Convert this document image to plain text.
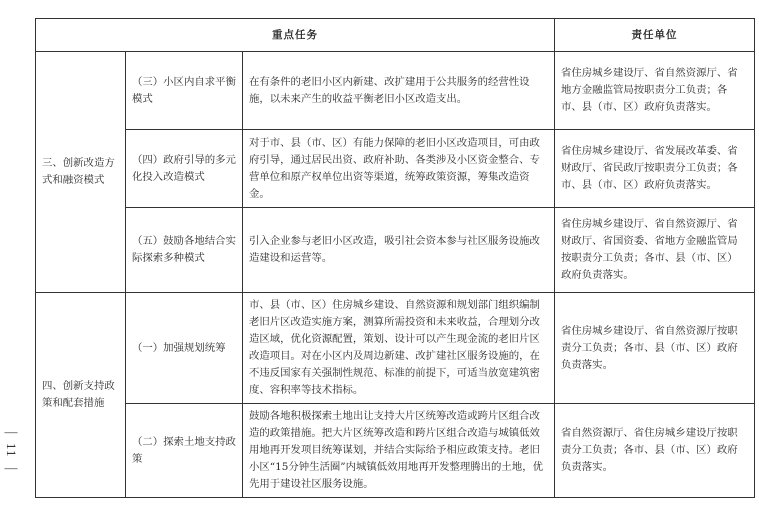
—
11
—
重点任务			责任单位
三、创新改造方式和融资模式	（三）小区内自求平衡模式	在有条件的老旧小区内新建、改扩建用于公共服务的经营性设施，以未来产生的收益平衡老旧小区改造支出。	省住房城乡建设厅、省自然资源厅、省地方金融监管局按职责分工负责；各市、县（市、区）政府负责落实。
	（四）政府引导的多元化投入改造模式	对于市、县（市、区）有能力保障的老旧小区改造项目，可由政府引导，通过居民出资、政府补助、各类涉及小区资金整合、专营单位和原产权单位出资等渠道，统筹政策资源，筹集改造资金。	省住房城乡建设厅、省发展改革委、省财政厅、省民政厅按职责分工负责；各市、县（市、区）政府负责落实。
	（五）鼓励各地结合实际探索多种模式	引入企业参与老旧小区改造，吸引社会资本参与社区服务设施改造建设和运营等。	省住房城乡建设厅、省自然资源厅、省财政厅、省国资委、省地方金融监管局按职责分工负责；各市、县（市、区）政府负责落实。
四、创新支持政策和配套措施	（一）加强规划统筹	市、县（市、区）住房城乡建设、自然资源和规划部门组织编制老旧片区改造实施方案，测算所需投资和未来收益，合理划分改造区域，优化资源配置，策划、设计可以产生现金流的老旧片区改造项目。对在小区内及周边新建、改扩建社区服务设施的，在不违反国家有关强制性规范、标准的前提下，可适当放宽建筑密度、容积率等技术指标。	省住房城乡建设厅、省自然资源厅按职责分工负责；各市、县（市、区）政府负责落实。
	（二）探索土地支持政策	鼓励各地积极探索土地出让支持大片区统筹改造或跨片区组合改造的政策措施。把大片区统筹改造和跨片区组合改造与城镇低效用地再开发项目统筹谋划，并结合实际给予相应政策支持。老旧小区“15分钟生活圈”内城镇低效用地再开发整理腾出的土地，优先用于建设社区服务设施。	省自然资源厅、省住房城乡建设厅按职责分工负责；各市、县（市、区）政府负责落实。
